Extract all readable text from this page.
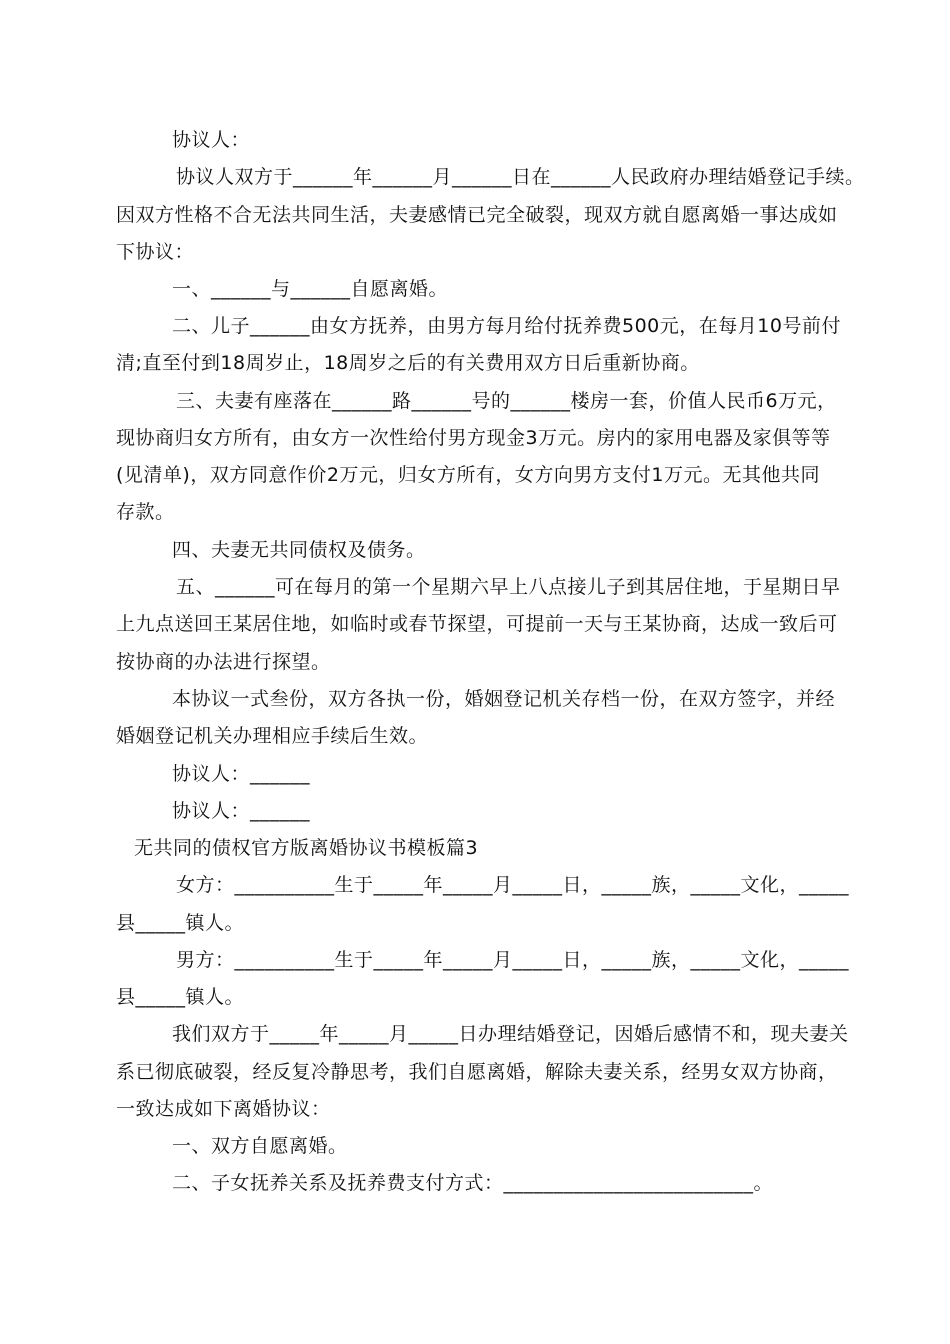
协议人：
协议人双方于______年______月______日在______人民政府办理结婚登记手续。
因双方性格不合无法共同生活，夫妻感情已完全破裂，现双方就自愿离婚一事达成如
下协议：
一、______与______自愿离婚。
二、儿子______由女方抚养，由男方每月给付抚养费500元，在每月10号前付
清;直至付到18周岁止，18周岁之后的有关费用双方日后重新协商。
三、夫妻有座落在______路______号的______楼房一套，价值人民币6万元，
现协商归女方所有，由女方一次性给付男方现金3万元。房内的家用电器及家俱等等
(见清单)，双方同意作价2万元，归女方所有，女方向男方支付1万元。无其他共同
存款。
四、夫妻无共同债权及债务。
五、______可在每月的第一个星期六早上八点接儿子到其居住地，于星期日早
上九点送回王某居住地，如临时或春节探望，可提前一天与王某协商，达成一致后可
按协商的办法进行探望。
本协议一式叁份，双方各执一份，婚姻登记机关存档一份，在双方签字，并经
婚姻登记机关办理相应手续后生效。
协议人：______
协议人：______
无共同的债权官方版离婚协议书模板篇3
女方：__________生于_____年_____月_____日，_____族，_____文化，_____
县_____镇人。
男方：__________生于_____年_____月_____日，_____族，_____文化，_____
县_____镇人。
我们双方于_____年_____月_____日办理结婚登记，因婚后感情不和，现夫妻关
系已彻底破裂，经反复冷静思考，我们自愿离婚，解除夫妻关系，经男女双方协商，
一致达成如下离婚协议：
一、双方自愿离婚。
二、子女抚养关系及抚养费支付方式：_________________________。
